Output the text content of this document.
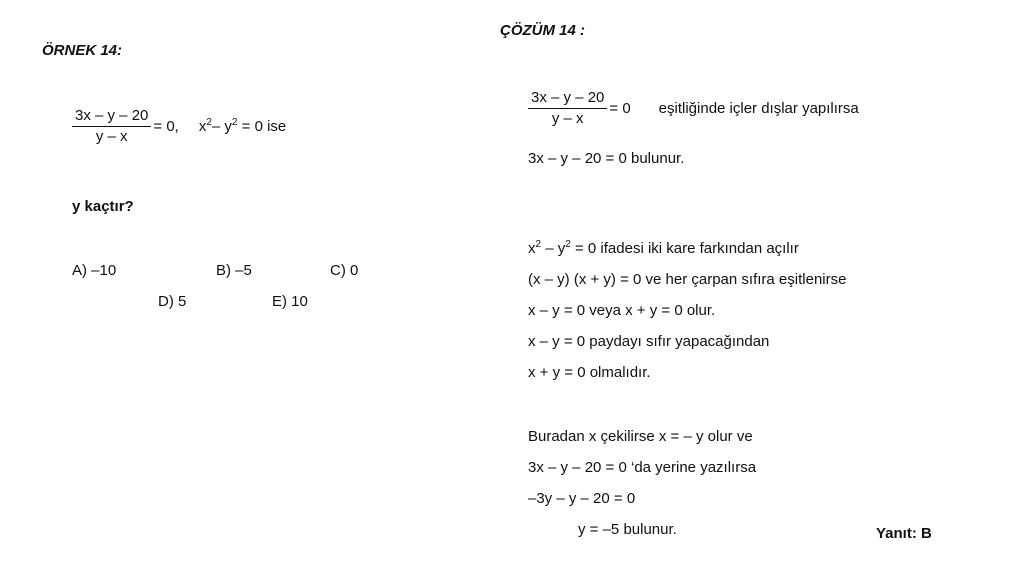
ÖRNEK 14:
$\frac{3x - y - 20}{y - x} = 0$, $x^2-$ $y^2 = 0$ ise
y kaçtır?
A) –10	B) –5	C) 0
D) 5	E) 10
ÇÖZÜM 14 :
$\frac{3x - y - 20}{y - x} = 0$ eşitliğinde içler dışlar yapılırsa
3x – y – 20 = 0 bulunur.
$x^2 - y^2 = 0$ ifadesi iki kare farkından açılır
(x – y) (x + y) = 0 ve her çarpan sıfıra eşitlenirse
x – y = 0 veya x + y = 0 olur.
x – y = 0 paydayı sıfır yapacağından
x + y = 0 olmalıdır.
Buradan x çekilirse x = – y olur ve
3x – y – 20 = 0 ‘da yerine yazılırsa
–3y – y – 20 = 0
y = –5 bulunur.	Yanıt: B
